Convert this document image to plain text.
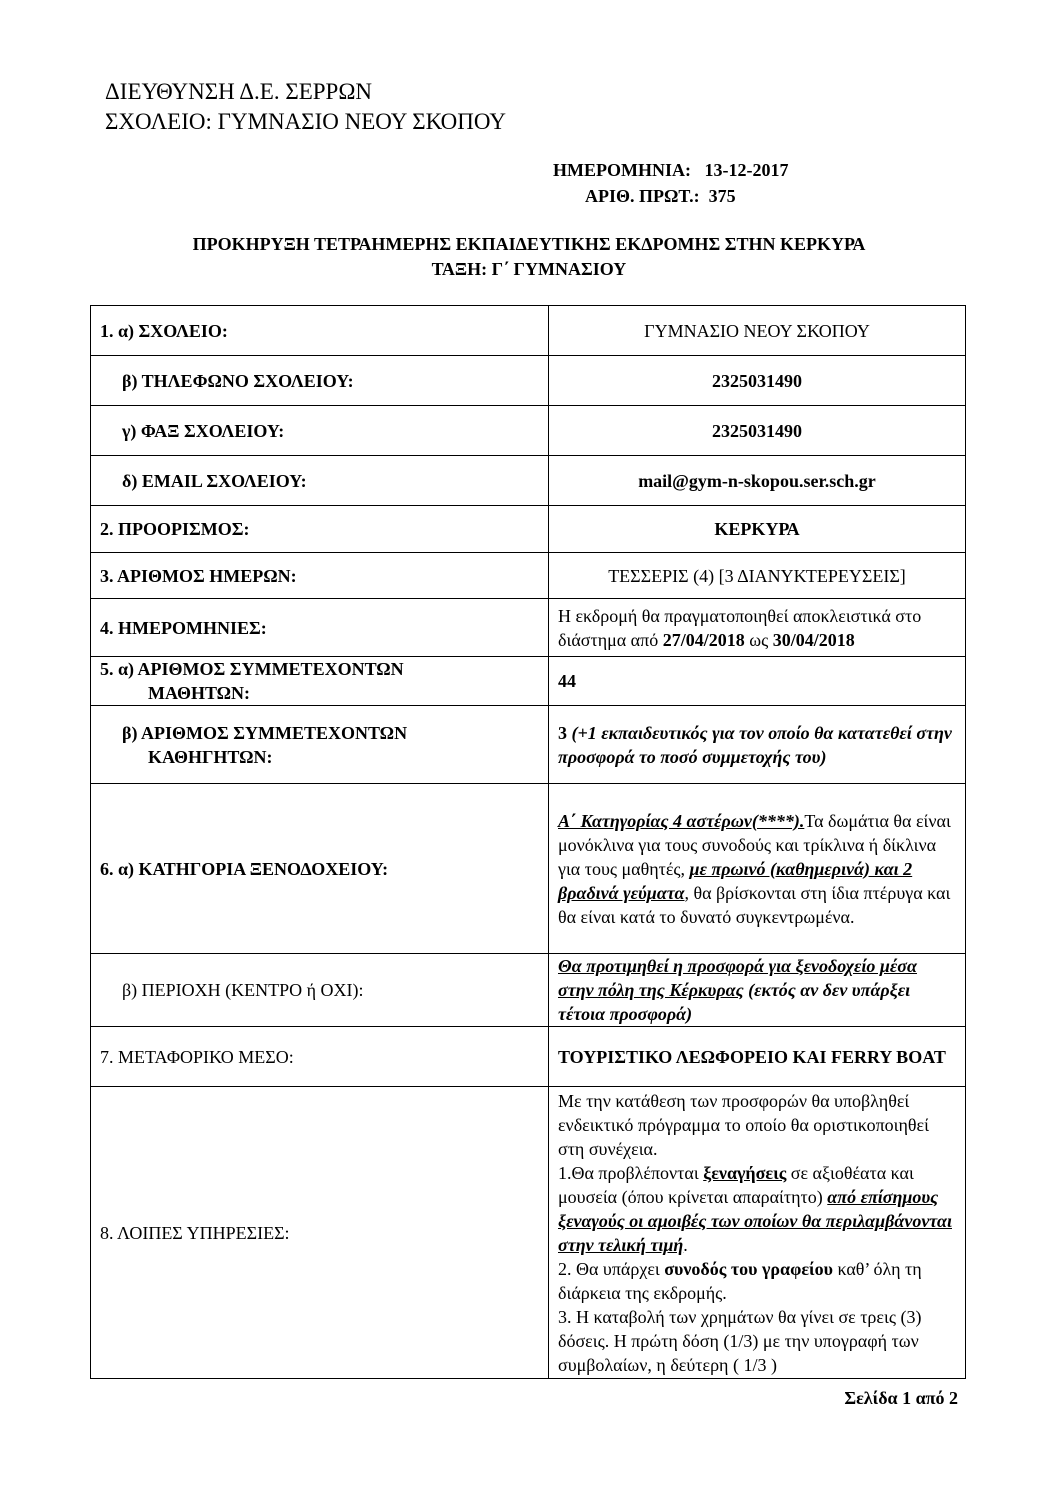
ΔΙΕΥΘΥΝΣΗ Δ.Ε. ΣΕΡΡΩΝ
ΣΧΟΛΕΙΟ: ΓΥΜΝΑΣΙΟ ΝΕΟΥ ΣΚΟΠΟΥ
ΗΜΕΡΟΜΗΝΙΑ: 13-12-2017
ΑΡΙΘ. ΠΡΩΤ.: 375
ΠΡΟΚΗΡΥΞΗ ΤΕΤΡΑΗΜΕΡΗΣ ΕΚΠΑΙΔΕΥΤΙΚΗΣ ΕΚΔΡΟΜΗΣ ΣΤΗΝ ΚΕΡΚΥΡΑ
ΤΑΞΗ: Γ΄ ΓΥΜΝΑΣΙΟΥ
1. α) ΣΧΟΛΕΙΟ:	ΓΥΜΝΑΣΙΟ ΝΕΟΥ ΣΚΟΠΟΥ

β) ΤΗΛΕΦΩΝΟ ΣΧΟΛΕΙΟΥ:	2325031490

γ) ΦΑΞ ΣΧΟΛΕΙΟΥ:	2325031490

δ) EMAIL ΣΧΟΛΕΙΟΥ:	mail@gym-n-skopou.ser.sch.gr
2. ΠΡΟΟΡΙΣΜΟΣ:	ΚΕΡΚΥΡΑ
3. ΑΡΙΘΜΟΣ ΗΜΕΡΩΝ:	ΤΕΣΣΕΡΙΣ (4) [3 ΔΙΑΝΥΚΤΕΡΕΥΣΕΙΣ]
4. ΗΜΕΡΟΜΗΝΙΕΣ:	Η εκδρομή θα πραγματοποιηθεί αποκλειστικά στο διάστημα από 27/04/2018 ως 30/04/2018

5. α) ΑΡΙΘΜΟΣ ΣΥΜΜΕΤΕΧΟΝΤΩΝ
ΜΑΘΗΤΩΝ:	44

β) ΑΡΙΘΜΟΣ ΣΥΜΜΕΤΕΧΟΝΤΩΝ
ΚΑΘΗΓΗΤΩΝ:	3 (+1 εκπαιδευτικός για τον οποίο θα κατατεθεί στην προσφορά το ποσό συμμετοχής του)
6. α) ΚΑΤΗΓΟΡΙΑ ΞΕΝΟΔΟΧΕΙΟΥ:	Α΄ Κατηγορίας 4 αστέρων(****).Τα δωμάτια θα είναι μονόκλινα για τους συνοδούς και τρίκλινα ή δίκλινα για τους μαθητές, με πρωινό (καθημερινά) και 2 βραδινά γεύματα, θα βρίσκονται στη ίδια πτέρυγα και θα είναι κατά το δυνατό συγκεντρωμένα.

β) ΠΕΡΙΟΧΗ (ΚΕΝΤΡΟ ή ΟΧΙ):	Θα προτιμηθεί η προσφορά για ξενοδοχείο μέσα στην πόλη της Κέρκυρας (εκτός αν δεν υπάρξει τέτοια προσφορά)
7. ΜΕΤΑΦΟΡΙΚΟ ΜΕΣΟ:	ΤΟΥΡΙΣΤΙΚΟ ΛΕΩΦΟΡΕΙΟ ΚΑΙ FERRY BOAT
8. ΛΟΙΠΕΣ ΥΠΗΡΕΣΙΕΣ:	Με την κατάθεση των προσφορών θα υποβληθεί ενδεικτικό πρόγραμμα το οποίο θα οριστικοποιηθεί στη συνέχεια.
1.Θα προβλέπονται ξεναγήσεις σε αξιοθέατα και μουσεία (όπου κρίνεται απαραίτητο) από επίσημους ξεναγούς οι αμοιβές των οποίων θα περιλαμβάνονται στην τελική τιμή.
2. Θα υπάρχει συνοδός του γραφείου καθ’ όλη τη διάρκεια της εκδρομής.
3. Η καταβολή των χρημάτων θα γίνει σε τρεις (3) δόσεις. Η πρώτη δόση (1/3) με την υπογραφή των συμβολαίων, η δεύτερη ( 1/3 )
Σελίδα 1 από 2
